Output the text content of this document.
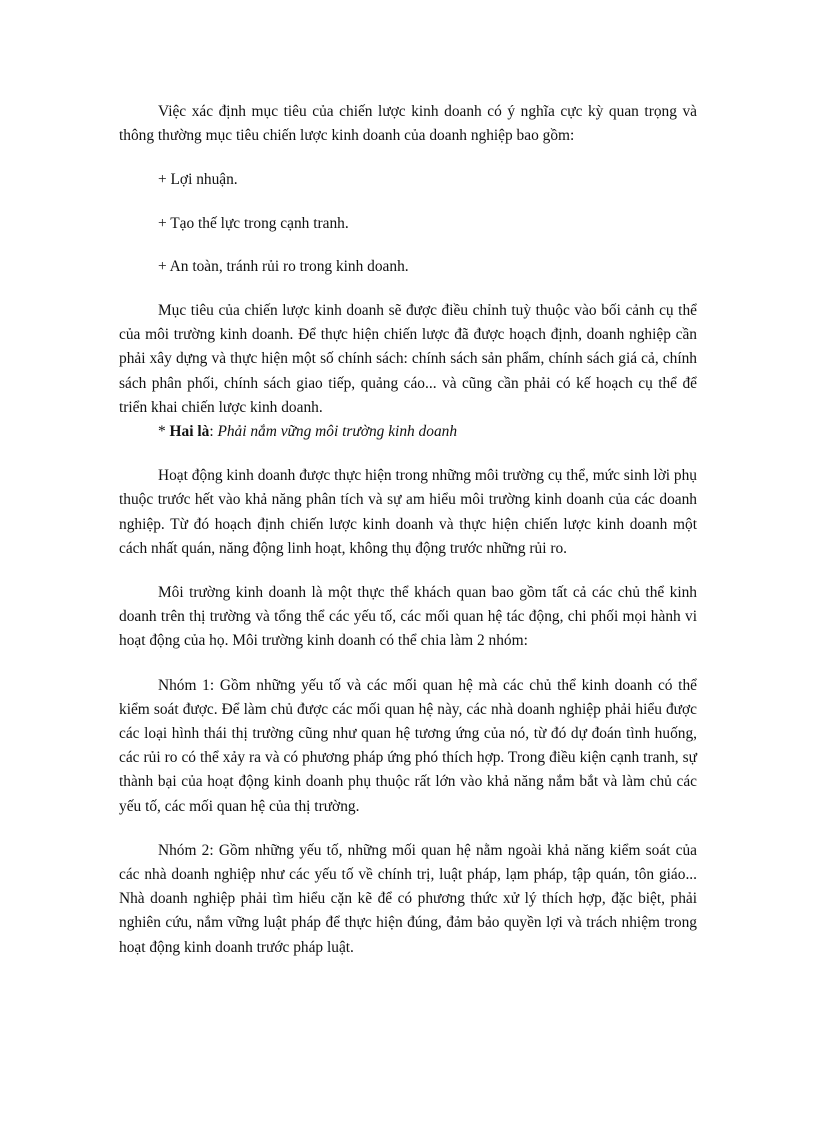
Việc xác định mục tiêu của chiến lược kinh doanh có ý nghĩa cực kỳ quan trọng và thông thường mục tiêu chiến lược kinh doanh của doanh nghiệp bao gồm:

+ Lợi nhuận.

+ Tạo thế lực trong cạnh tranh.

+ An toàn, tránh rủi ro trong kinh doanh.

Mục tiêu của chiến lược kinh doanh sẽ được điều chỉnh tuỳ thuộc vào bối cảnh cụ thể của môi trường kinh doanh. Để thực hiện chiến lược đã được hoạch định, doanh nghiệp cần phải xây dựng và thực hiện một số chính sách: chính sách sản phẩm, chính sách giá cả, chính sách phân phối, chính sách giao tiếp, quảng cáo... và cũng cần phải có kế hoạch cụ thể để triển khai chiến lược kinh doanh.

* Hai là: Phải nắm vững môi trường kinh doanh

Hoạt động kinh doanh được thực hiện trong những môi trường cụ thể, mức sinh lời phụ thuộc trước hết vào khả năng phân tích và sự am hiểu môi trường kinh doanh của các doanh nghiệp. Từ đó hoạch định chiến lược kinh doanh và thực hiện chiến lược kinh doanh một cách nhất quán, năng động linh hoạt, không thụ động trước những rủi ro.

Môi trường kinh doanh là một thực thể khách quan bao gồm tất cả các chủ thể kinh doanh trên thị trường và tổng thể các yếu tố, các mối quan hệ tác động, chi phối mọi hành vi hoạt động của họ. Môi trường kinh doanh có thể chia làm 2 nhóm:

Nhóm 1: Gồm những yếu tố và các mối quan hệ mà các chủ thể kinh doanh có thể kiểm soát được. Để làm chủ được các mối quan hệ này, các nhà doanh nghiệp phải hiểu được các loại hình thái thị trường cũng như quan hệ tương ứng của nó, từ đó dự đoán tình huống, các rủi ro có thể xảy ra và có phương pháp ứng phó thích hợp. Trong điều kiện cạnh tranh, sự thành bại của hoạt động kinh doanh phụ thuộc rất lớn vào khả năng nắm bắt và làm chủ các yếu tố, các mối quan hệ của thị trường.

Nhóm 2: Gồm những yếu tố, những mối quan hệ nằm ngoài khả năng kiểm soát của các nhà doanh nghiệp như các yếu tố về chính trị, luật pháp, lạm pháp, tập quán, tôn giáo... Nhà doanh nghiệp phải tìm hiểu cặn kẽ để có phương thức xử lý thích hợp, đặc biệt, phải nghiên cứu, nắm vững luật pháp để thực hiện đúng, đảm bảo quyền lợi và trách nhiệm trong hoạt động kinh doanh trước pháp luật.
